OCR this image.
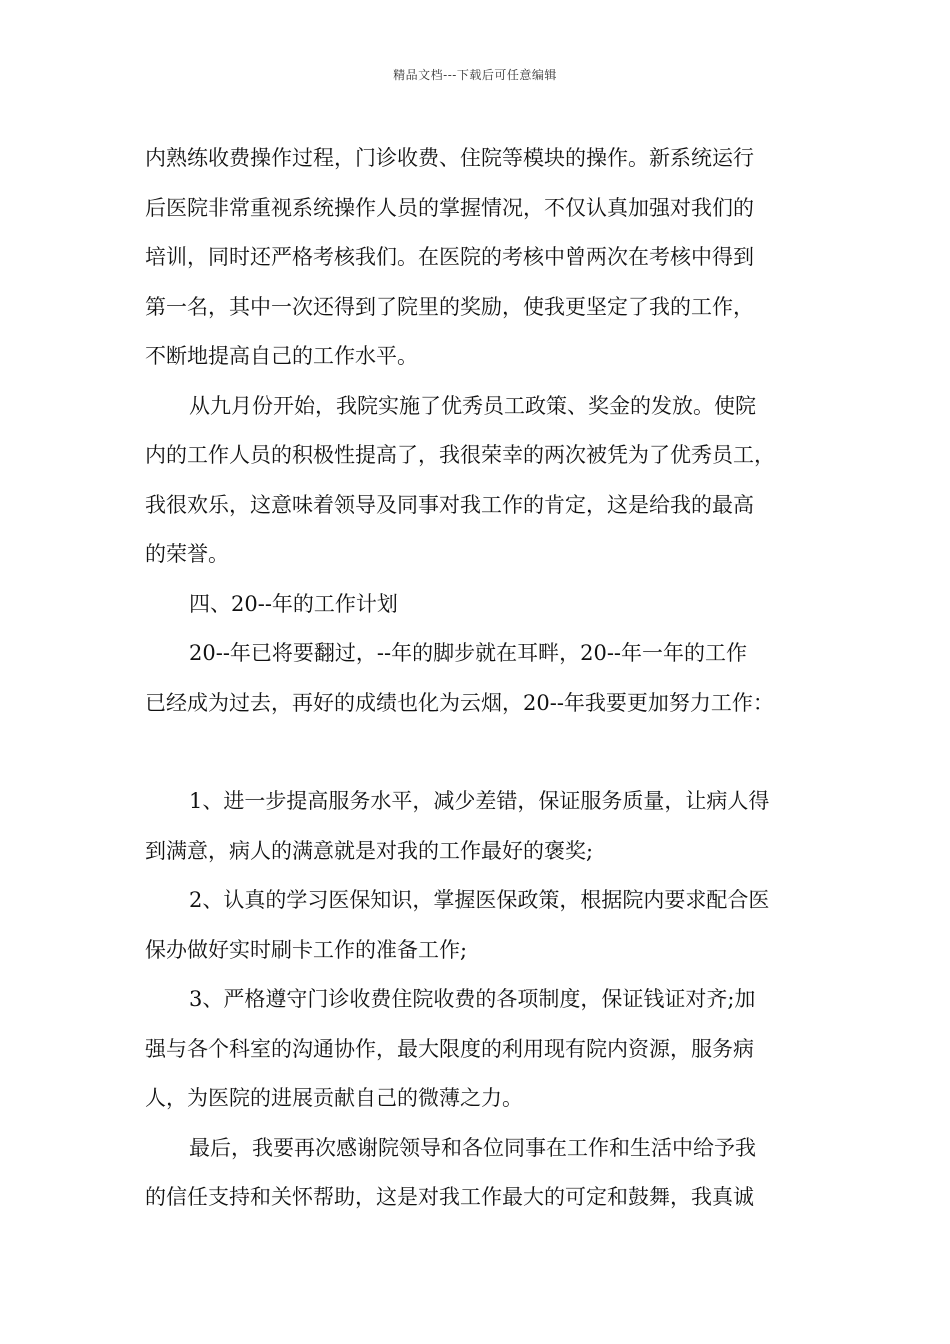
精品文档---下载后可任意编辑
内熟练收费操作过程，门诊收费、住院等模块的操作。新系统运行
后医院非常重视系统操作人员的掌握情况，不仅认真加强对我们的
培训，同时还严格考核我们。在医院的考核中曾两次在考核中得到
第一名，其中一次还得到了院里的奖励，使我更坚定了我的工作，
不断地提高自己的工作水平。
从九月份开始，我院实施了优秀员工政策、奖金的发放。使院
内的工作人员的积极性提高了，我很荣幸的两次被凭为了优秀员工，
我很欢乐，这意味着领导及同事对我工作的肯定，这是给我的最高
的荣誉。
四、20--年的工作计划
20--年已将要翻过，--年的脚步就在耳畔，20--年一年的工作
已经成为过去，再好的成绩也化为云烟，20--年我要更加努力工作：
1、进一步提高服务水平，减少差错，保证服务质量，让病人得
到满意，病人的满意就是对我的工作最好的褒奖;
2、认真的学习医保知识，掌握医保政策，根据院内要求配合医
保办做好实时刷卡工作的准备工作;
3、严格遵守门诊收费住院收费的各项制度，保证钱证对齐;加
强与各个科室的沟通协作，最大限度的利用现有院内资源，服务病
人，为医院的进展贡献自己的微薄之力。
最后，我要再次感谢院领导和各位同事在工作和生活中给予我
的信任支持和关怀帮助，这是对我工作最大的可定和鼓舞，我真诚
